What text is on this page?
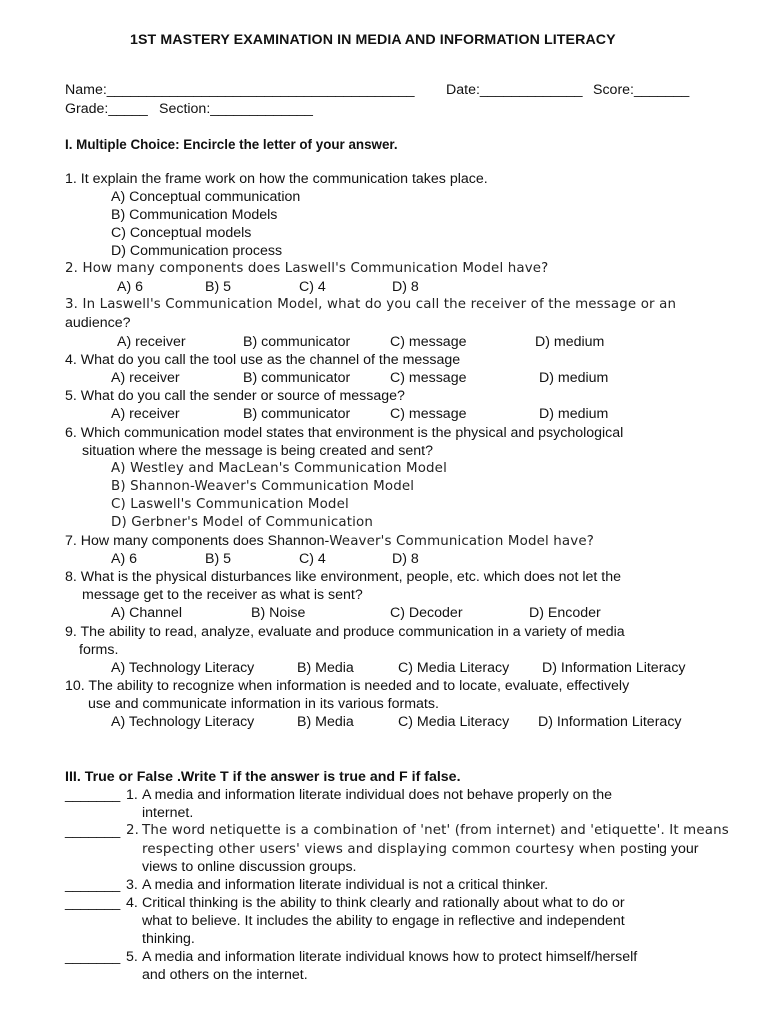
1ST MASTERY EXAMINATION IN MEDIA AND INFORMATION LITERACY
Name:_______________________________________ Date:_____________ Score:_______
Grade:_____ Section:_____________
I. Multiple Choice: Encircle the letter of your answer.
1. It explain the frame work on how the communication takes place.
A) Conceptual communication
B) Communication Models
C) Conceptual models
D) Communication process
2. How many components does Laswell's Communication Model have?
A) 6	B) 5	C) 4	D) 8
3. In Laswell's Communication Model, what do you call the receiver of the message or an
audience?
A) receiver	B) communicator	C) message	D) medium
4. What do you call the tool use as the channel of the message
A) receiver	B) communicator	C) message	D) medium
5. What do you call the sender or source of message?
A) receiver	B) communicator	C) message	D) medium
6. Which communication model states that environment is the physical and psychological
situation where the message is being created and sent?
A) Westley and MacLean's Communication Model
B) Shannon-Weaver's Communication Model
C) Laswell's Communication Model
D) Gerbner's Model of Communication
7. How many components does Shannon-Weaver's Communication Model have?
A) 6	B) 5	C) 4	D) 8
8. What is the physical disturbances like environment, people, etc. which does not let the
message get to the receiver as what is sent?
A) Channel	B) Noise	C) Decoder	D) Encoder
9. The ability to read, analyze, evaluate and produce communication in a variety of media
forms.
A) Technology Literacy	B) Media	C) Media Literacy D) Information Literacy
10. The ability to recognize when information is needed and to locate, evaluate, effectively
use and communicate information in its various formats.
A) Technology Literacy	B) Media	C) Media Literacy D) Information Literacy
III. True or False .Write T if the answer is true and F if false.
_______ 1. A media and information literate individual does not behave properly on the
internet.
_______ 2. The word netiquette is a combination of 'net' (from internet) and 'etiquette'. It means
respecting other users' views and displaying common courtesy when posting your
views to online discussion groups.
_______ 3. A media and information literate individual is not a critical thinker.
_______ 4. Critical thinking is the ability to think clearly and rationally about what to do or
what to believe. It includes the ability to engage in reflective and independent
thinking.
_______ 5. A media and information literate individual knows how to protect himself/herself
and others on the internet.
